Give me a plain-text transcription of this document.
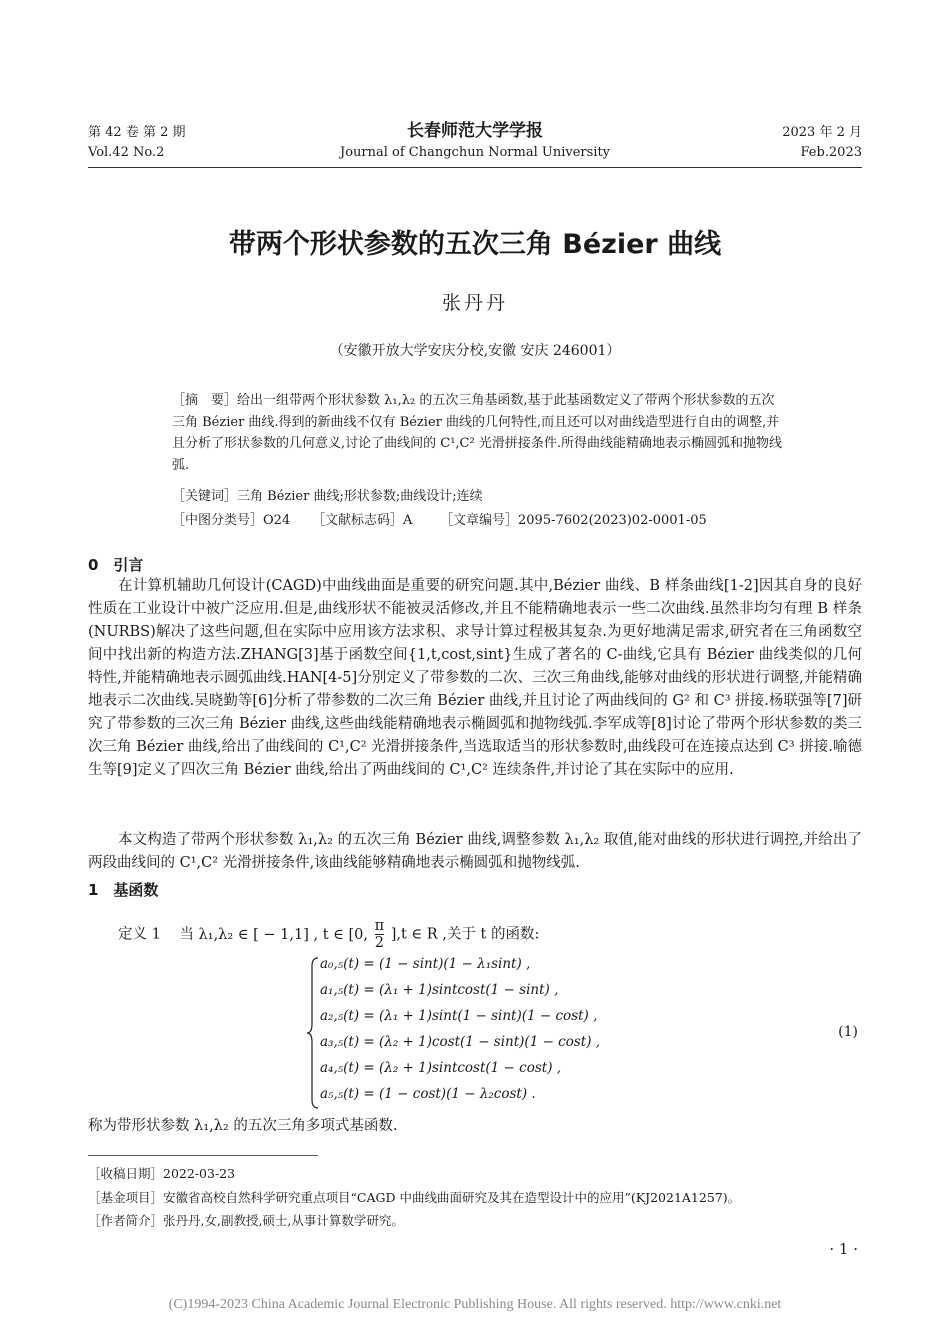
第 42 卷 第 2 期	长春师范大学学报	2023 年 2 月
Vol.42 No.2	Journal of Changchun Normal University	Feb.2023
带两个形状参数的五次三角 Bézier 曲线
张丹丹
（安徽开放大学安庆分校,安徽 安庆 246001）
［摘　要］给出一组带两个形状参数 λ₁,λ₂ 的五次三角基函数,基于此基函数定义了带两个形状参数的五次三角 Bézier 曲线.得到的新曲线不仅有 Bézier 曲线的几何特性,而且还可以对曲线造型进行自由的调整,并且分析了形状参数的几何意义,讨论了曲线间的 C¹,C² 光滑拼接条件.所得曲线能精确地表示椭圆弧和抛物线弧.
［关键词］三角 Bézier 曲线;形状参数;曲线设计;连续
［中图分类号］O24 ［文献标志码］A ［文章编号］2095-7602(2023)02-0001-05
0　引言
在计算机辅助几何设计(CAGD)中曲线曲面是重要的研究问题.其中,Bézier 曲线、B 样条曲线[1-2]因其自身的良好性质在工业设计中被广泛应用.但是,曲线形状不能被灵活修改,并且不能精确地表示一些二次曲线.虽然非均匀有理 B 样条(NURBS)解决了这些问题,但在实际中应用该方法求积、求导计算过程极其复杂.为更好地满足需求,研究者在三角函数空间中找出新的构造方法.ZHANG[3]基于函数空间{1,t,cost,sint}生成了著名的 C-曲线,它具有 Bézier 曲线类似的几何特性,并能精确地表示圆弧曲线.HAN[4-5]分别定义了带参数的二次、三次三角曲线,能够对曲线的形状进行调整,并能精确地表示二次曲线.吴晓勤等[6]分析了带参数的二次三角 Bézier 曲线,并且讨论了两曲线间的 G² 和 C³ 拼接.杨联强等[7]研究了带参数的三次三角 Bézier 曲线,这些曲线能精确地表示椭圆弧和抛物线弧.李军成等[8]讨论了带两个形状参数的类三次三角 Bézier 曲线,给出了曲线间的 C¹,C² 光滑拼接条件,当选取适当的形状参数时,曲线段可在连接点达到 C³ 拼接.喻德生等[9]定义了四次三角 Bézier 曲线,给出了两曲线间的 C¹,C² 连续条件,并讨论了其在实际中的应用.
本文构造了带两个形状参数 λ₁,λ₂ 的五次三角 Bézier 曲线,调整参数 λ₁,λ₂ 取值,能对曲线的形状进行调控,并给出了两段曲线间的 C¹,C² 光滑拼接条件,该曲线能够精确地表示椭圆弧和抛物线弧.
1　基函数
定义 1 当 λ₁,λ₂ ∈ [ − 1,1] , t ∈ [0, $\frac{\pi}{2} ],t$ ∈ R ,关于 t 的函数:
a₀,₅(t) = (1 − sint)(1 − λ₁sint) ,
a₁,₅(t) = (λ₁ + 1)sintcost(1 − sint) ,
a₂,₅(t) = (λ₁ + 1)sint(1 − sint)(1 − cost) ,
a₃,₅(t) = (λ₂ + 1)cost(1 − sint)(1 − cost) ,
a₄,₅(t) = (λ₂ + 1)sintcost(1 − cost) ,
a₅,₅(t) = (1 − cost)(1 − λ₂cost) .
(1)
称为带形状参数 λ₁,λ₂ 的五次三角多项式基函数.
［收稿日期］2022-03-23
［基金项目］安徽省高校自然科学研究重点项目“CAGD 中曲线曲面研究及其在造型设计中的应用”(KJ2021A1257)。
［作者简介］张丹丹,女,副教授,硕士,从事计算数学研究。
· 1 ·
(C)1994-2023 China Academic Journal Electronic Publishing House. All rights reserved. http://www.cnki.net
